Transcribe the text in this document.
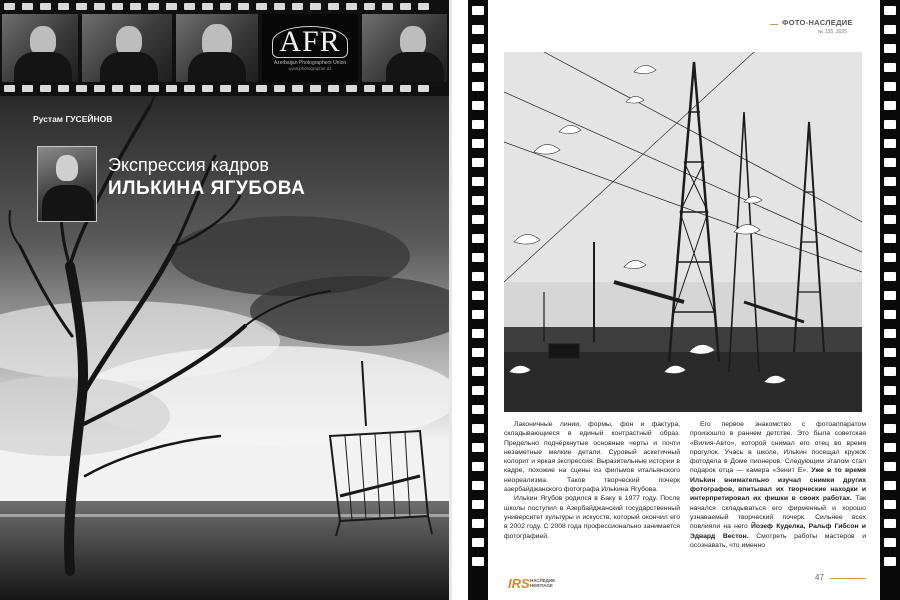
AFR
Azerbaijan Photographers Union
www.photographer.az
Рустам ГУСЕЙНОВ
Экспрессия кадров
ИЛЬКИНА ЯГУБОВА
ФОТО-НАСЛЕДИЕ
№ 135, 2025

Лаконичные линии, формы, фон и фактура, складывающиеся в единый контрастный образ. Предельно подчёркнутые основные черты и почти незаметные мелкие детали. Суровый аскетичный колорит и яркая экспрессия. Выразительные истории в кадре, похожие на сцены из фильмов итальянского неореализма. Таков творческий почерк азербайджанского фотографа Ильkина Ягубова.

Ильkин Ягубов родился в Баку в 1977 году. После школы поступил в Азербайджанский государственный университет культуры и искусств, который окончил его в 2002 году. С 2008 года профессионально занимается фотографией.

Его первое знакомство с фотоаппаратом произошло в раннем детстве. Это была советская «Вилия-Авто», которой снимал его отец во время прогулок. Учась в школе, Ильkин посещал кружок фотодела в Доме пионеров. Следующим этапом стал подарок отца — камера «Зенит Е». Уже в то время Ильkин внимательно изучал снимки других фотографов, впитывал их творческие находки и интерпретировал их фишки в своих работах. Так начался складываться его фирменный и хорошо узнаваемый творческий почерк. Сильнее всех повлияли на него Йозеф Куделка, Ральф Гибсон и Эдвард Вестон. Смотреть работы мастеров и осознавать, что именно

IRS НАСЛЕДИЕ
HERITAGE
47
